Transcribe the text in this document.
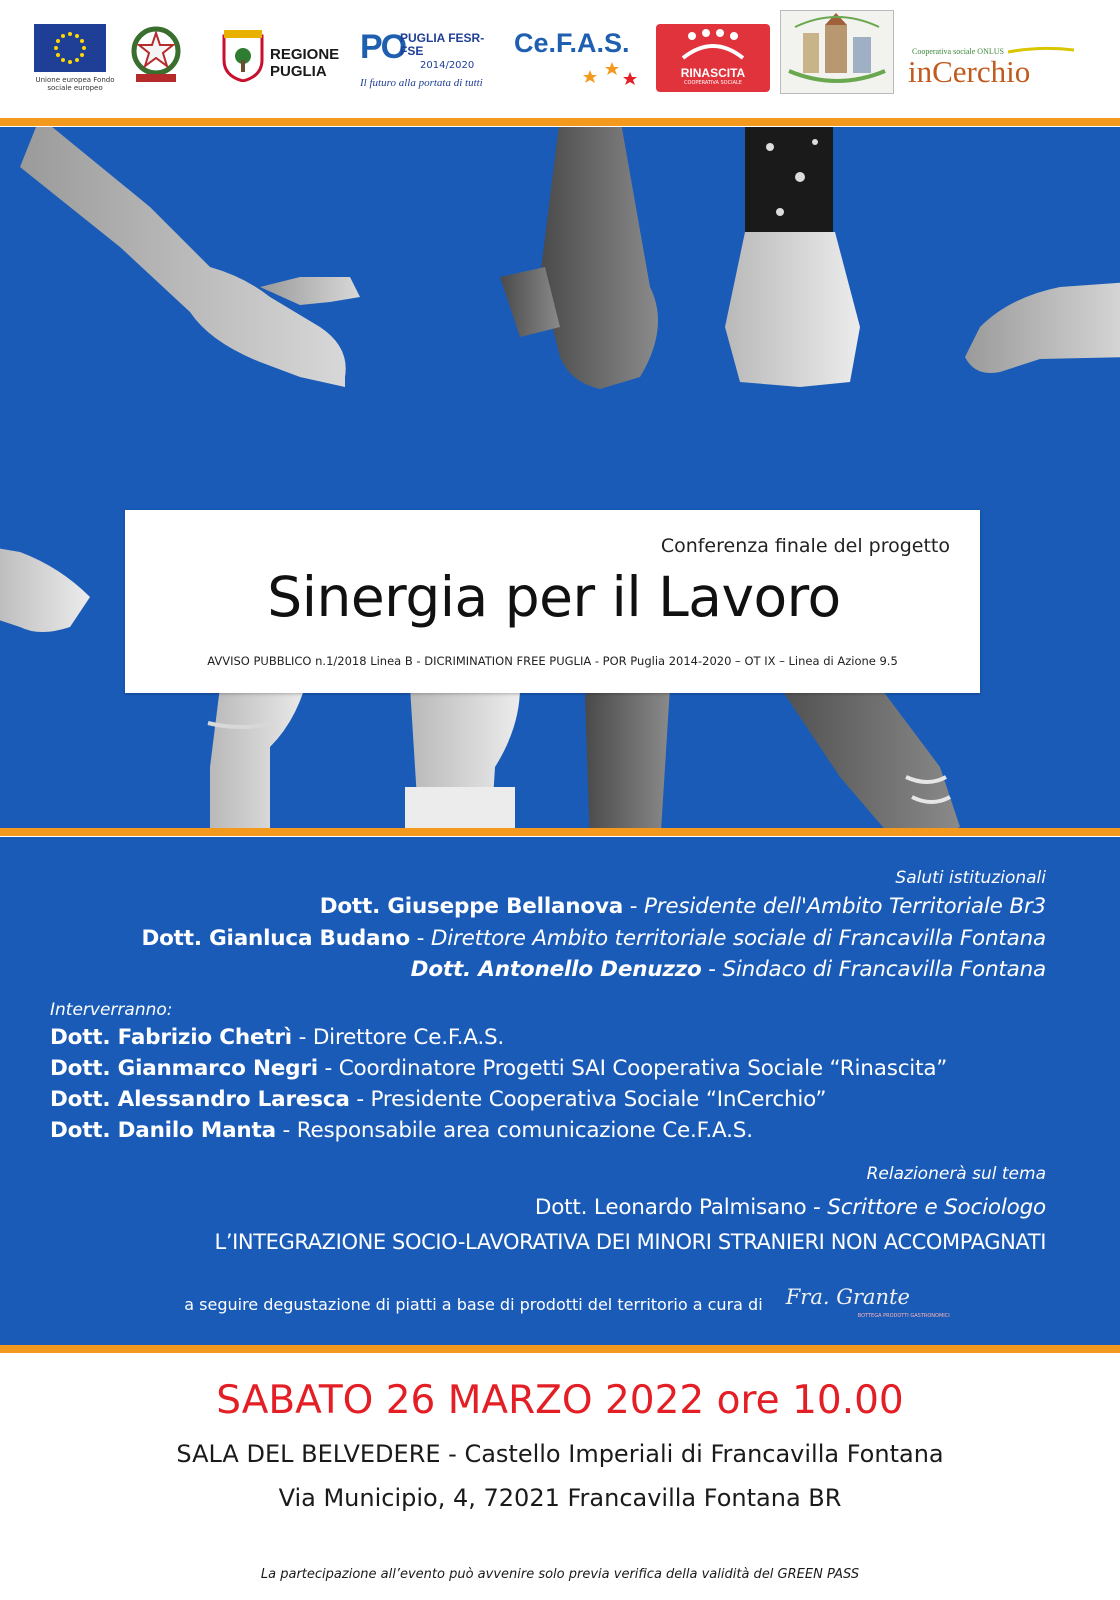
Unione europea Fondo sociale europeo
REGIONE PUGLIA
PO
PUGLIA FESR-FSE
2014/2020
Il futuro alla portata di tutti
Ce.F.A.S.
RINASCITA
COOPERATIVA SOCIALE
Cooperativa sociale ONLUS
inCerchio
Conferenza finale del progetto
Sinergia per il Lavoro
AVVISO PUBBLICO n.1/2018 Linea B - DICRIMINATION FREE PUGLIA - POR Puglia 2014-2020 – OT IX – Linea di Azione 9.5
Saluti istituzionali
Dott. Giuseppe Bellanova - Presidente dell'Ambito Territoriale Br3
Dott. Gianluca Budano - Direttore Ambito territoriale sociale di Francavilla Fontana
Dott. Antonello Denuzzo - Sindaco di Francavilla Fontana
Interverranno:
Dott. Fabrizio Chetrì - Direttore Ce.F.A.S.
Dott. Gianmarco Negri - Coordinatore Progetti SAI Cooperativa Sociale “Rinascita”
Dott. Alessandro Laresca - Presidente Cooperativa Sociale “InCerchio”
Dott. Danilo Manta - Responsabile area comunicazione Ce.F.A.S.
Relazionerà sul tema
Dott. Leonardo Palmisano - Scrittore e Sociologo
L’INTEGRAZIONE SOCIO-LAVORATIVA DEI MINORI STRANIERI NON ACCOMPAGNATI
a seguire degustazione di piatti a base di prodotti del territorio a cura di Fra. Grante
BOTTEGA PRODOTTI GASTRONOMICI
SABATO 26 MARZO 2022 ore 10.00
SALA DEL BELVEDERE - Castello Imperiali di Francavilla Fontana
Via Municipio, 4, 72021 Francavilla Fontana BR
La partecipazione all’evento può avvenire solo previa verifica della validità del GREEN PASS
